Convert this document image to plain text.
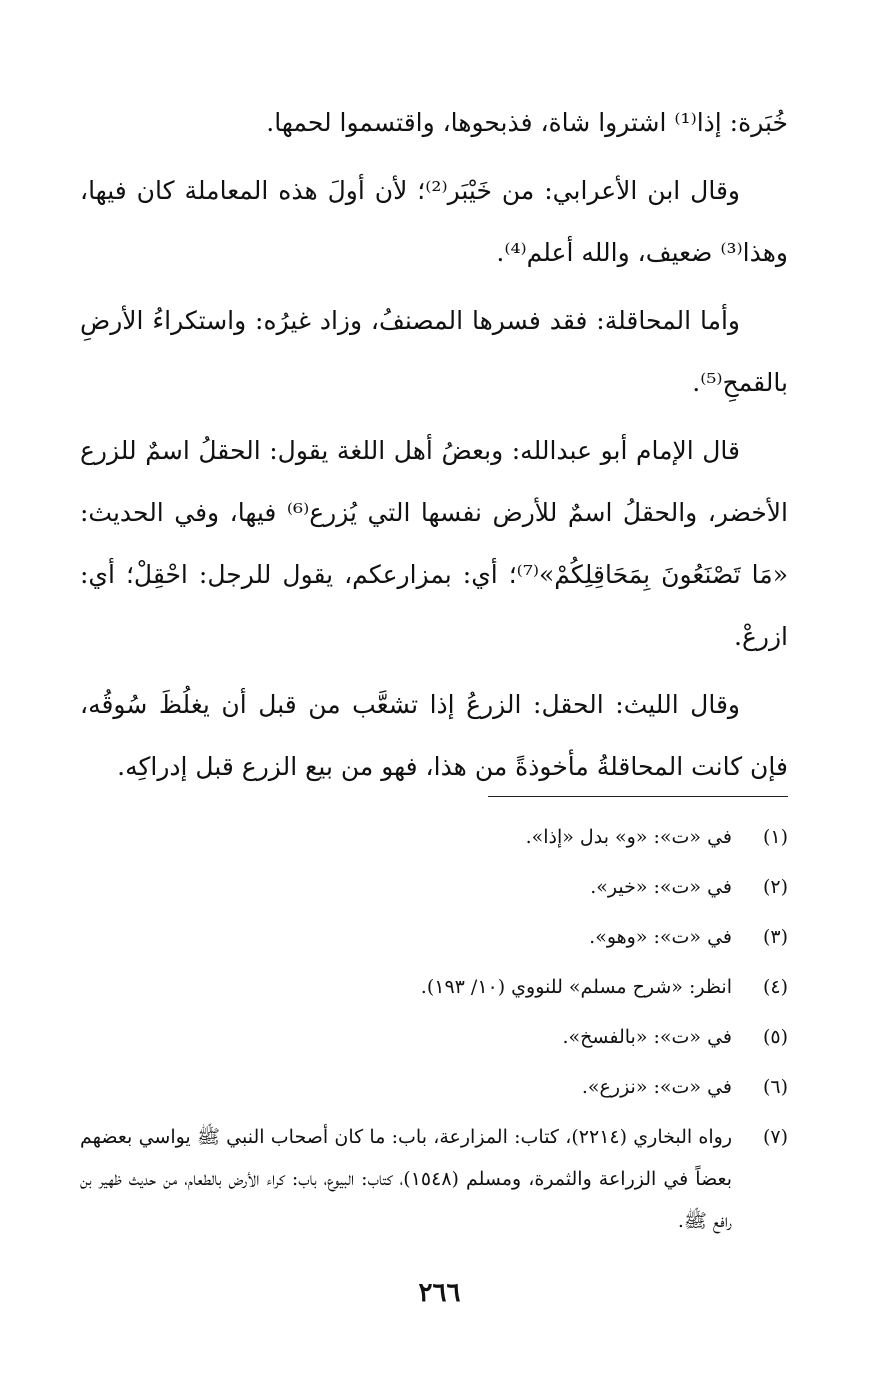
خُبَرة: إذا⁽¹⁾ اشتروا شاة، فذبحوها، واقتسموا لحمها.

وقال ابن الأعرابي: من خَيْبَر⁽²⁾؛ لأن أولَ هذه المعاملة كان فيها، وهذا⁽³⁾ ضعيف، والله أعلم⁽⁴⁾.

وأما المحاقلة: فقد فسرها المصنفُ، وزاد غيرُه: واستكراءُ الأرضِ بالقمحِ⁽⁵⁾.

قال الإمام أبو عبدالله: وبعضُ أهل اللغة يقول: الحقلُ اسمٌ للزرع الأخضر، والحقلُ اسمٌ للأرض نفسها التي يُزرع⁽⁶⁾ فيها، وفي الحديث: «مَا تَصْنَعُونَ بِمَحَاقِلِكُمْ»⁽⁷⁾؛ أي: بمزارعكم، يقول للرجل: احْقِلْ؛ أي: ازرعْ.

وقال الليث: الحقل: الزرعُ إذا تشعَّب من قبل أن يغلُظَ سُوقُه، فإن كانت المحاقلةُ مأخوذةً من هذا، فهو من بيع الزرع قبل إدراكِه.

(١)
في «ت»: «و» بدل «إذا».
(٢)
في «ت»: «خير».
(٣)
في «ت»: «وهو».
(٤)
انظر: «شرح مسلم» للنووي (١٠/ ١٩٣).
(٥)
في «ت»: «بالفسخ».
(٦)
في «ت»: «نزرع».
(٧)
رواه البخاري (٢٢١٤)، كتاب: المزارعة، باب: ما كان أصحاب النبي ﷺ يواسي بعضهم بعضاً في الزراعة والثمرة، ومسلم (١٥٤٨)، كتاب: البيوع، باب: كراء الأرض بالطعام، من حديث ظهير بن رافع ﷺ.
٢٦٦
